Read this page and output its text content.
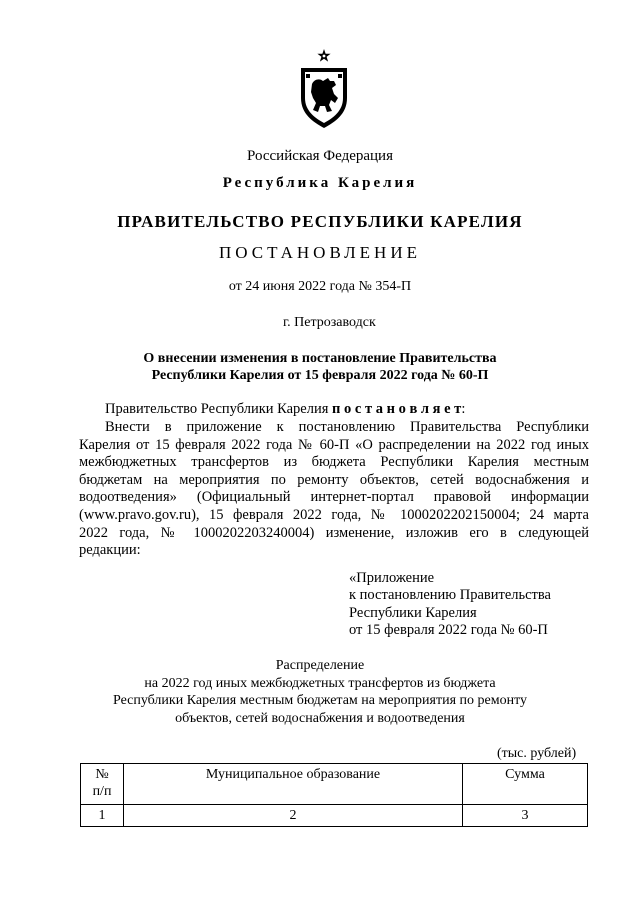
Российская Федерация
Республика Карелия
ПРАВИТЕЛЬСТВО РЕСПУБЛИКИ КАРЕЛИЯ
ПОСТАНОВЛЕНИЕ
от 24 июня 2022 года № 354-П
г. Петрозаводск
О внесении изменения в постановление Правительства
Республики Карелия от 15 февраля 2022 года № 60-П
Правительство Республики Карелия п о с т а н о в л я е т:
Внести в приложение к постановлению Правительства Республики
Карелия от 15 февраля 2022 года № 60-П «О распределении на 2022 год иных
межбюджетных трансфертов из бюджета Республики Карелия местным
бюджетам на мероприятия по ремонту объектов, сетей водоснабжения и
водоотведения» (Официальный интернет-портал правовой информации
(www.pravo.gov.ru), 15 февраля 2022 года, № 1000202202150004; 24 марта
2022 года, № 1000202203240004) изменение, изложив его в следующей
редакции:
«Приложение
к постановлению Правительства
Республики Карелия
от 15 февраля 2022 года № 60-П
Распределение
на 2022 год иных межбюджетных трансфертов из бюджета
Республики Карелия местным бюджетам на мероприятия по ремонту
объектов, сетей водоснабжения и водоотведения
(тыс. рублей)
№
п/п	Муниципальное образование	Сумма
1	2	3
